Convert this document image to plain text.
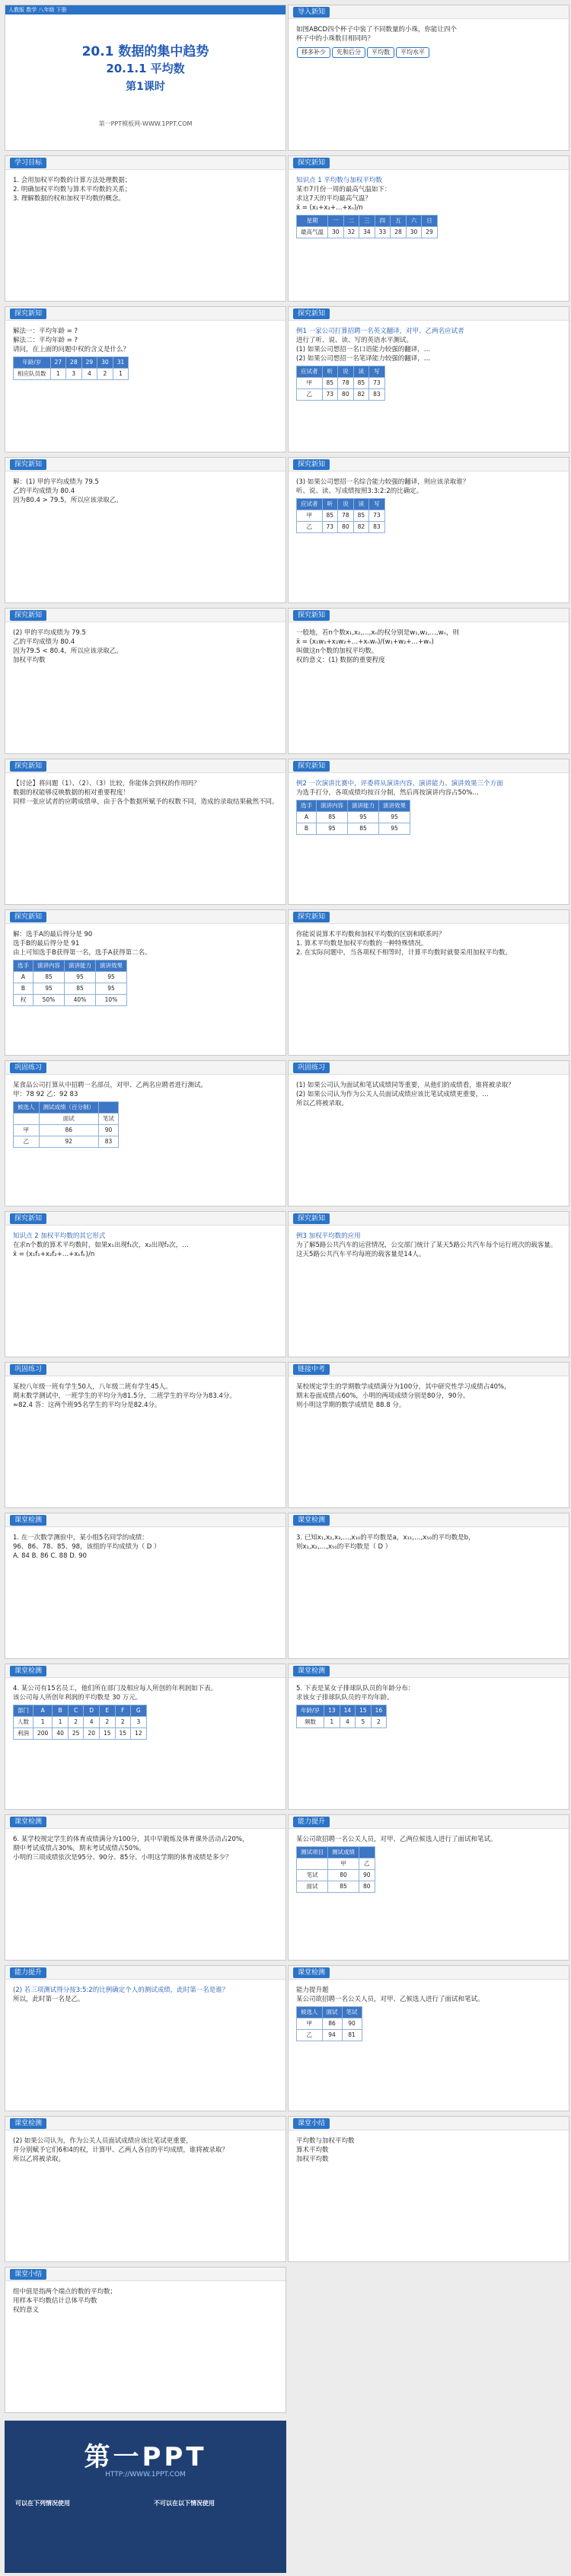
人教版 数学 八年级 下册
20.1 数据的集中趋势
20.1.1 平均数
第1课时
第一PPT模板网-WWW.1PPT.COM
导入新知
如图ABCD四个杯子中装了不同数量的小珠，你能让四个
杯子中的小珠数目相同吗？
移多补少 先和后分 平均数 平均水平
学习目标
1. 会用加权平均数的计算方法处理数据；
2. 明确加权平均数与算术平均数的关系；
3. 理解数据的权和加权平均数的概念。
探究新知
知识点 1 平均数与加权平均数
某市7月份一周的最高气温如下：
求这7天的平均最高气温？
x̄ = (x₁+x₂+…+xₙ)/n
星期	一	二	三	四	五	六	日
最高气温	30	32	34	33	28	30	29
探究新知
解法一：平均年龄 = ?
解法二：平均年龄 = ?
请问，在上面的问题中权的含义是什么？
年龄/岁	27	28	29	30	31
相应队员数	1	3	4	2	1
探究新知
例1 一家公司打算招聘一名英文翻译，对甲、乙两名应试者
进行了听、说、读、写的英语水平测试。
(1) 如果公司想招一名口语能力较强的翻译，…
(2) 如果公司想招一名笔译能力较强的翻译，…
应试者	听	说	读	写
甲	85	78	85	73
乙	73	80	82	83
探究新知
解：(1) 甲的平均成绩为 79.5
乙的平均成绩为 80.4
因为80.4 > 79.5，所以应该录取乙。
探究新知
(3) 如果公司想招一名综合能力较强的翻译，则应该录取谁？
听、说、读、写成绩按照3:3:2:2的比确定。
应试者	听	说	读	写
甲	85	78	85	73
乙	73	80	82	83
探究新知
(2) 甲的平均成绩为 79.5
乙的平均成绩为 80.4
因为79.5 < 80.4，所以应该录取乙。
加权平均数
探究新知
一般地，若n个数x₁,x₂,…,xₙ的权分别是w₁,w₂,…,wₙ，则
x̄ = (x₁w₁+x₂w₂+…+xₙwₙ)/(w₁+w₂+…+wₙ)
叫做这n个数的加权平均数。
权的意义：(1) 数据的重要程度
探究新知
【讨论】将问题（1）、（2）、（3）比较，你能体会到权的作用吗？
数据的权能够反映数据的相对重要程度！
同样一张应试者的应聘成绩单，由于各个数据所赋予的权数不同，造成的录取结果截然不同。
探究新知
例2 一次演讲比赛中，评委将从演讲内容、演讲能力、演讲效果三个方面
为选手打分，各项成绩均按百分制，然后再按演讲内容占50%…
选手	演讲内容	演讲能力	演讲效果
A	85	95	95
B	95	85	95
探究新知
解：选手A的最后得分是 90
选手B的最后得分是 91
由上可知选手B获得第一名，选手A获得第二名。
选手	演讲内容	演讲能力	演讲效果
A	85	95	95
B	95	85	95
权	50%	40%	10%
探究新知
你能说说算术平均数和加权平均数的区别和联系吗？
1. 算术平均数是加权平均数的一种特殊情况。
2. 在实际问题中，当各项权不相等时，计算平均数时就要采用加权平均数。
巩固练习
某食品公司打算从中招聘一名部员，对甲、乙两名应聘者进行测试。
甲：78 92 乙：92 83
候选人	测试成绩（百分制）	
	面试	笔试
甲	86	90
乙	92	83
巩固练习
(1) 如果公司认为面试和笔试成绩同等重要，从他们的成绩看，谁将被录取？
(2) 如果公司认为作为公关人员面试成绩应该比笔试成绩更重要，…
所以乙将被录取。
探究新知
知识点 2 加权平均数的其它形式
在求n个数的算术平均数时，如果x₁出现f₁次，x₂出现f₂次，…
x̄ = (x₁f₁+x₂f₂+…+xₖfₖ)/n
探究新知
例3 加权平均数的应用
为了解5路公共汽车的运营情况，公交部门统计了某天5路公共汽车每个运行班次的载客量。
这天5路公共汽车平均每班的载客量是14人。
巩固练习
某校八年级一班有学生50人，八年级二班有学生45人。
期末数学测试中，一班学生的平均分为81.5分，二班学生的平均分为83.4分。
≈82.4 答：这两个班95名学生的平均分是82.4分。
链接中考
某校规定学生的学期数学成绩满分为100分，其中研究性学习成绩占40%，
期末卷面成绩占60%，小明的两项成绩分别是80分，90分。
则小明这学期的数学成绩是 88.8 分。
课堂检测
1. 在一次数学测验中，某小组5名同学的成绩：
96、86、78、85、98，该组的平均成绩为（ D ）
A. 84 B. 86 C. 88 D. 90
课堂检测
3. 已知x₁,x₂,x₃,…,x₁₀的平均数是a，x₁₁,…,x₅₀的平均数是b，
则x₁,x₂,…,x₅₀的平均数是（ D ）
课堂检测
4. 某公司有15名员工，他们所在部门及相应每人所创的年利润如下表。
该公司每人所创年利润的平均数是 30 万元。
部门	A	B	C	D	E	F	G
人数	1	1	2	4	2	2	3
利润	200	40	25	20	15	15	12
课堂检测
5. 下表是某女子排球队队员的年龄分布：
求该女子排球队队员的平均年龄。
年龄/岁	13	14	15	16
频数	1	4	5	2
课堂检测
6. 某学校规定学生的体育成绩满分为100分，其中早锻炼及体育课外活动占20%，
期中考试成绩占30%，期末考试成绩占50%。
小明的三项成绩依次是95分、90分、85分。小明这学期的体育成绩是多少？
能力提升
某公司欲招聘一名公关人员，对甲、乙两位候选人进行了面试和笔试。
测试项目	测试成绩	
	甲	乙
笔试	80	90
面试	85	80
能力提升
(2) 若三项测试得分按3:5:2的比例确定个人的测试成绩，此时第一名是谁？
所以，此时第一名是乙。
课堂检测
能力提升题
某公司欲招聘一名公关人员，对甲、乙候选人进行了面试和笔试。
候选人	面试	笔试
甲	86	90
乙	94	81
课堂检测
(2) 如果公司认为，作为公关人员面试成绩应该比笔试更重要，
并分别赋予它们6和4的权，计算甲、乙两人各自的平均成绩，谁将被录取？
所以乙将被录取。
课堂小结
平均数与加权平均数
算术平均数
加权平均数
课堂小结
组中值是指两个端点的数的平均数；
用样本平均数估计总体平均数
权的意义
第一PPT
HTTP://WWW.1PPT.COM
可以在下列情况使用	不可以在以下情况使用
